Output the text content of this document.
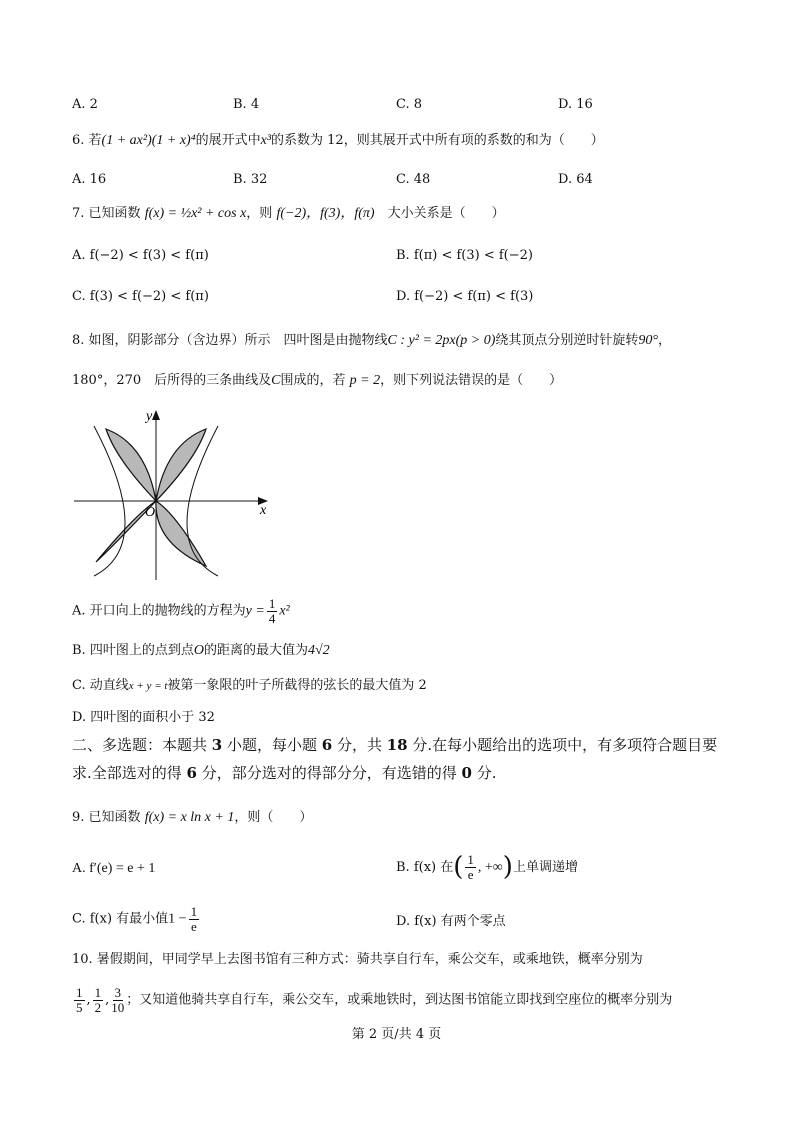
A. 2	B. 4	C. 8	D. 16
6. 若(1 + ax²)(1 + x)⁴的展开式中x³的系数为 12，则其展开式中所有项的系数的和为（　　）
A. 16	B. 32	C. 48	D. 64
7. 已知函数 f(x) = ½x² + cos x，则 f(−2)，f(3)，f(π)　 大小关系是（　　）
A. f(−2) < f(3) < f(π)	B. f(π) < f(3) < f(−2)
C. f(3) < f(−2) < f(π)	D. f(−2) < f(π) < f(3)
8. 如图，阴影部分（含边界）所示　四叶图是由抛物线C : y² = 2px(p > 0)绕其顶点分别逆时针旋转90°，
180°，270　后所得的三条曲线及C围成的，若 p = 2，则下列说法错误的是（　　）
y
x
O
A. 开口向上的抛物线的方程为$y = \frac{1}{4} x^2$
B. 四叶图上的点到点O的距离的最大值为4√2
C. 动直线x + y = t被第一象限的叶子所截得的弦长的最大值为 2
D. 四叶图的面积小于 32
二、多选题：本题共 3 小题，每小题 6 分，共 18 分.在每小题给出的选项中，有多项符合题目要求.全部选对的得 6 分，部分选对的得部分分，有选错的得 0 分.
9. 已知函数 f(x) = x ln x + 1，则（　　）
A. f′(e) = e + 1	B. f(x) 在( $\frac{1}{e}$ , +∞)上单调递增
C. f(x) 有最小值$1 - \frac{1}{e}$	D. f(x) 有两个零点
10. 暑假期间，甲同学早上去图书馆有三种方式：骑共享自行车，乘公交车，或乘地铁，概率分别为
$\frac{1}{5}$ , $\frac{1}{2}$ , $\frac{3}{10}$ ；又知道他骑共享自行车，乘公交车，或乘地铁时，到达图书馆能立即找到空座位的概率分别为
第 2 页/共 4 页
